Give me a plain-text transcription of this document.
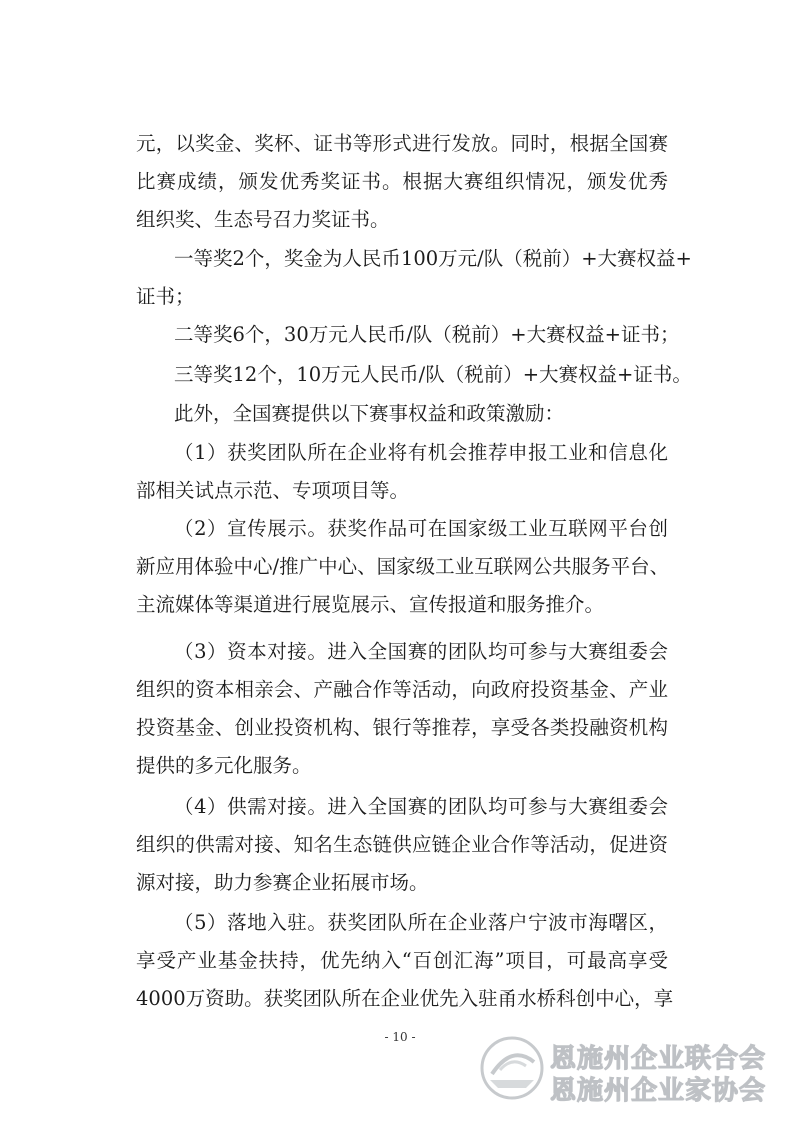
元，以奖金、奖杯、证书等形式进行发放。同时，根据全国赛
比赛成绩，颁发优秀奖证书。根据大赛组织情况，颁发优秀
组织奖、生态号召力奖证书。
一等奖2个，奖金为人民币100万元/队（税前）+大赛权益+
证书；
二等奖6个，30万元人民币/队（税前）+大赛权益+证书；
三等奖12个，10万元人民币/队（税前）+大赛权益+证书。
此外，全国赛提供以下赛事权益和政策激励：
（1）获奖团队所在企业将有机会推荐申报工业和信息化
部相关试点示范、专项项目等。
（2）宣传展示。获奖作品可在国家级工业互联网平台创
新应用体验中心/推广中心、国家级工业互联网公共服务平台、
主流媒体等渠道进行展览展示、宣传报道和服务推介。
（3）资本对接。进入全国赛的团队均可参与大赛组委会
组织的资本相亲会、产融合作等活动，向政府投资基金、产业
投资基金、创业投资机构、银行等推荐，享受各类投融资机构
提供的多元化服务。
（4）供需对接。进入全国赛的团队均可参与大赛组委会
组织的供需对接、知名生态链供应链企业合作等活动，促进资
源对接，助力参赛企业拓展市场。
（5）落地入驻。获奖团队所在企业落户宁波市海曙区，
享受产业基金扶持，优先纳入“百创汇海”项目，可最高享受
4000万资助。获奖团队所在企业优先入驻甬水桥科创中心，享
- 10 -
恩施州企业联合会
恩施州企业家协会
